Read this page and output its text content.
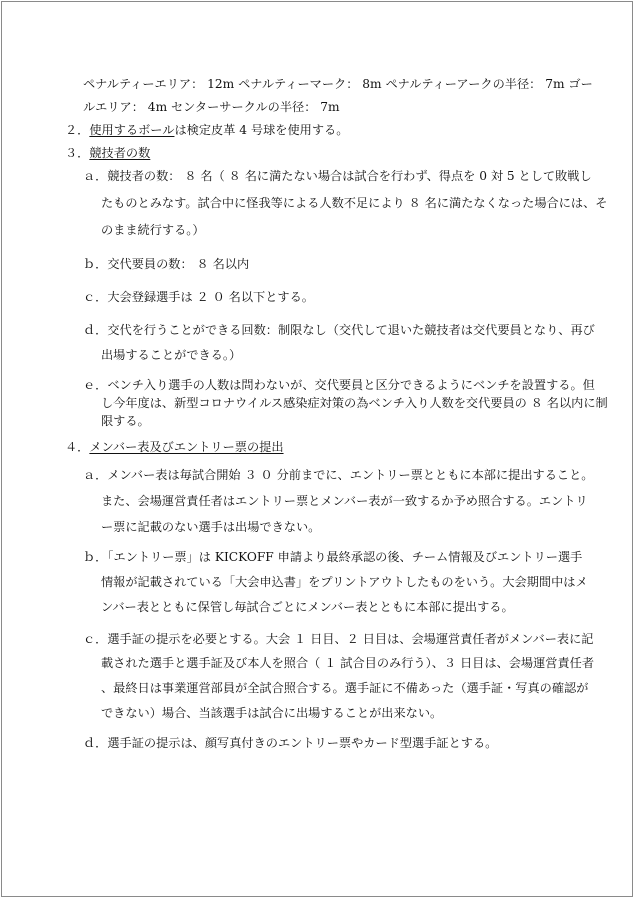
ペナルティーエリア： 12m ペナルティーマーク： 8m ペナルティーアークの半径： 7m ゴー
ルエリア： 4m センターサークルの半径： 7m
２．使用するボールは検定皮革 4 号球を使用する。
３．競技者の数
ａ．競技者の数： ８ 名（ ８ 名に満たない場合は試合を行わず、得点を 0 対 5 として敗戦し
たものとみなす。試合中に怪我等による人数不足により ８ 名に満たなくなった場合には、そ
のまま続行する。）
ｂ．交代要員の数： ８ 名以内
ｃ．大会登録選手は ２ ０ 名以下とする。
ｄ．交代を行うことができる回数：制限なし（交代して退いた競技者は交代要員となり、再び
出場することができる。）
ｅ．ベンチ入り選手の人数は問わないが、交代要員と区分できるようにベンチを設置する。但
し今年度は、新型コロナウイルス感染症対策の為ベンチ入り人数を交代要員の ８ 名以内に制
限する。
４．メンバー表及びエントリー票の提出
ａ．メンバー表は毎試合開始 ３ ０ 分前までに、エントリー票とともに本部に提出すること。
また、会場運営責任者はエントリー票とメンバー表が一致するか予め照合する。エントリ
ー票に記載のない選手は出場できない。
ｂ．「エントリー票」は KICKOFF 申請より最終承認の後、チーム情報及びエントリー選手
情報が記載されている「大会申込書」をプリントアウトしたものをいう。大会期間中はメ
ンバー表とともに保管し毎試合ごとにメンバー表とともに本部に提出する。
ｃ．選手証の提示を必要とする。大会 １ 日目、２ 日目は、会場運営責任者がメンバー表に記
載された選手と選手証及び本人を照合（ １ 試合目のみ行う）、３ 日目は、会場運営責任者
、最終日は事業運営部員が全試合照合する。選手証に不備あった（選手証・写真の確認が
できない）場合、当該選手は試合に出場することが出来ない。
ｄ．選手証の提示は、顔写真付きのエントリー票やカード型選手証とする。
